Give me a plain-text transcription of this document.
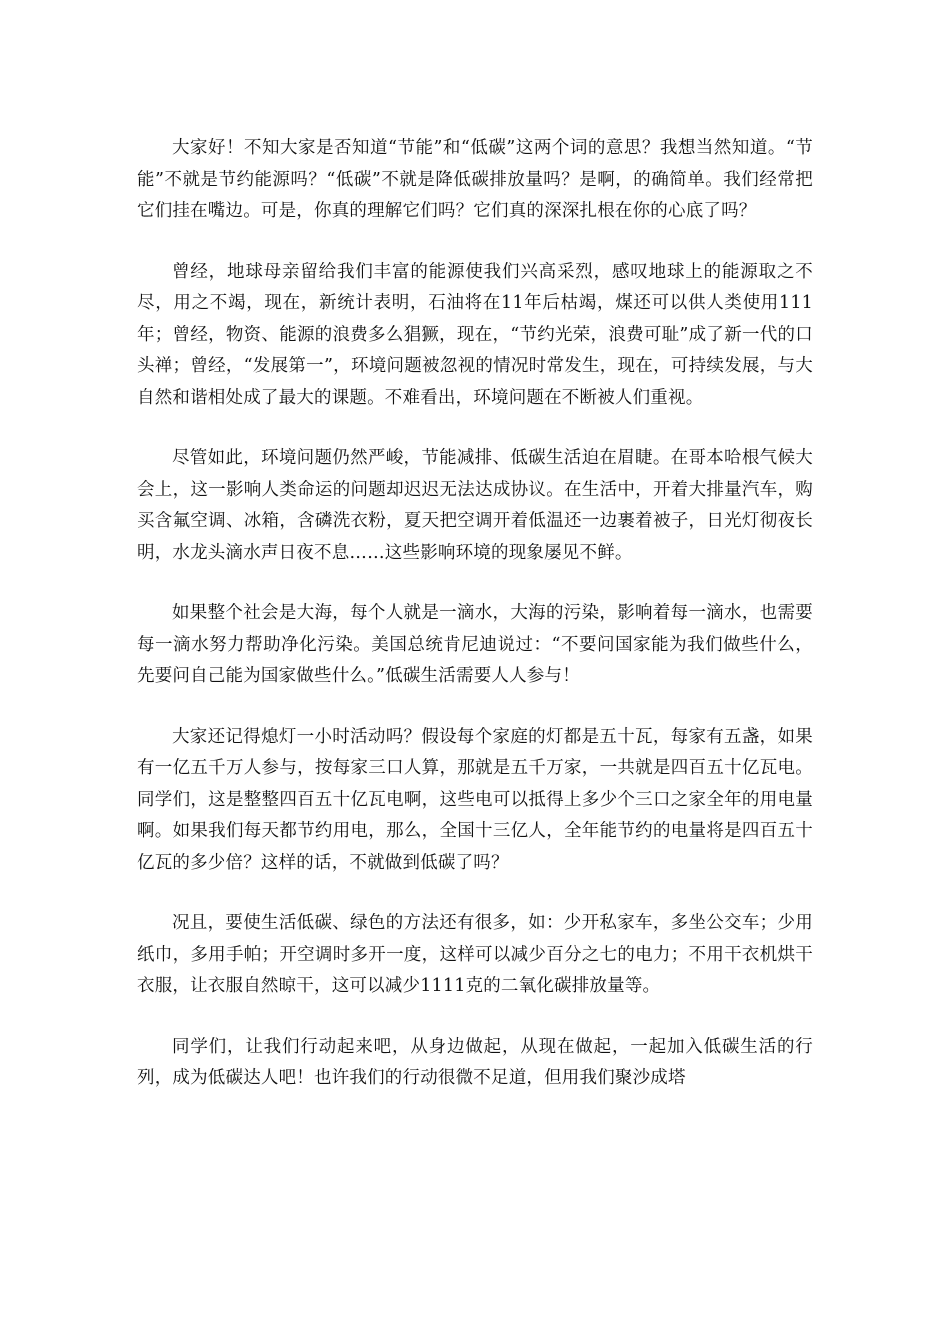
大家好！不知大家是否知道“节能”和“低碳”这两个词的意思？我想当然知道。“节能”不就是节约能源吗？“低碳”不就是降低碳排放量吗？是啊，的确简单。我们经常把它们挂在嘴边。可是，你真的理解它们吗？它们真的深深扎根在你的心底了吗？

曾经，地球母亲留给我们丰富的能源使我们兴高采烈，感叹地球上的能源取之不尽，用之不竭，现在，新统计表明，石油将在11年后枯竭，煤还可以供人类使用111年；曾经，物资、能源的浪费多么猖獗，现在，“节约光荣，浪费可耻”成了新一代的口头禅；曾经，“发展第一”，环境问题被忽视的情况时常发生，现在，可持续发展，与大自然和谐相处成了最大的课题。不难看出，环境问题在不断被人们重视。

尽管如此，环境问题仍然严峻，节能减排、低碳生活迫在眉睫。在哥本哈根气候大会上，这一影响人类命运的问题却迟迟无法达成协议。在生活中，开着大排量汽车，购买含氟空调、冰箱，含磷洗衣粉，夏天把空调开着低温还一边裹着被子，日光灯彻夜长明，水龙头滴水声日夜不息……这些影响环境的现象屡见不鲜。

如果整个社会是大海，每个人就是一滴水，大海的污染，影响着每一滴水，也需要每一滴水努力帮助净化污染。美国总统肯尼迪说过：“不要问国家能为我们做些什么，先要问自己能为国家做些什么。”低碳生活需要人人参与！

大家还记得熄灯一小时活动吗？假设每个家庭的灯都是五十瓦，每家有五盏，如果有一亿五千万人参与，按每家三口人算，那就是五千万家，一共就是四百五十亿瓦电。同学们，这是整整四百五十亿瓦电啊，这些电可以抵得上多少个三口之家全年的用电量啊。如果我们每天都节约用电，那么，全国十三亿人，全年能节约的电量将是四百五十亿瓦的多少倍？这样的话，不就做到低碳了吗？

况且，要使生活低碳、绿色的方法还有很多，如：少开私家车，多坐公交车；少用纸巾，多用手帕；开空调时多开一度，这样可以减少百分之七的电力；不用干衣机烘干衣服，让衣服自然晾干，这可以减少1111克的二氧化碳排放量等。

同学们，让我们行动起来吧，从身边做起，从现在做起，一起加入低碳生活的行列，成为低碳达人吧！也许我们的行动很微不足道，但用我们聚沙成塔
